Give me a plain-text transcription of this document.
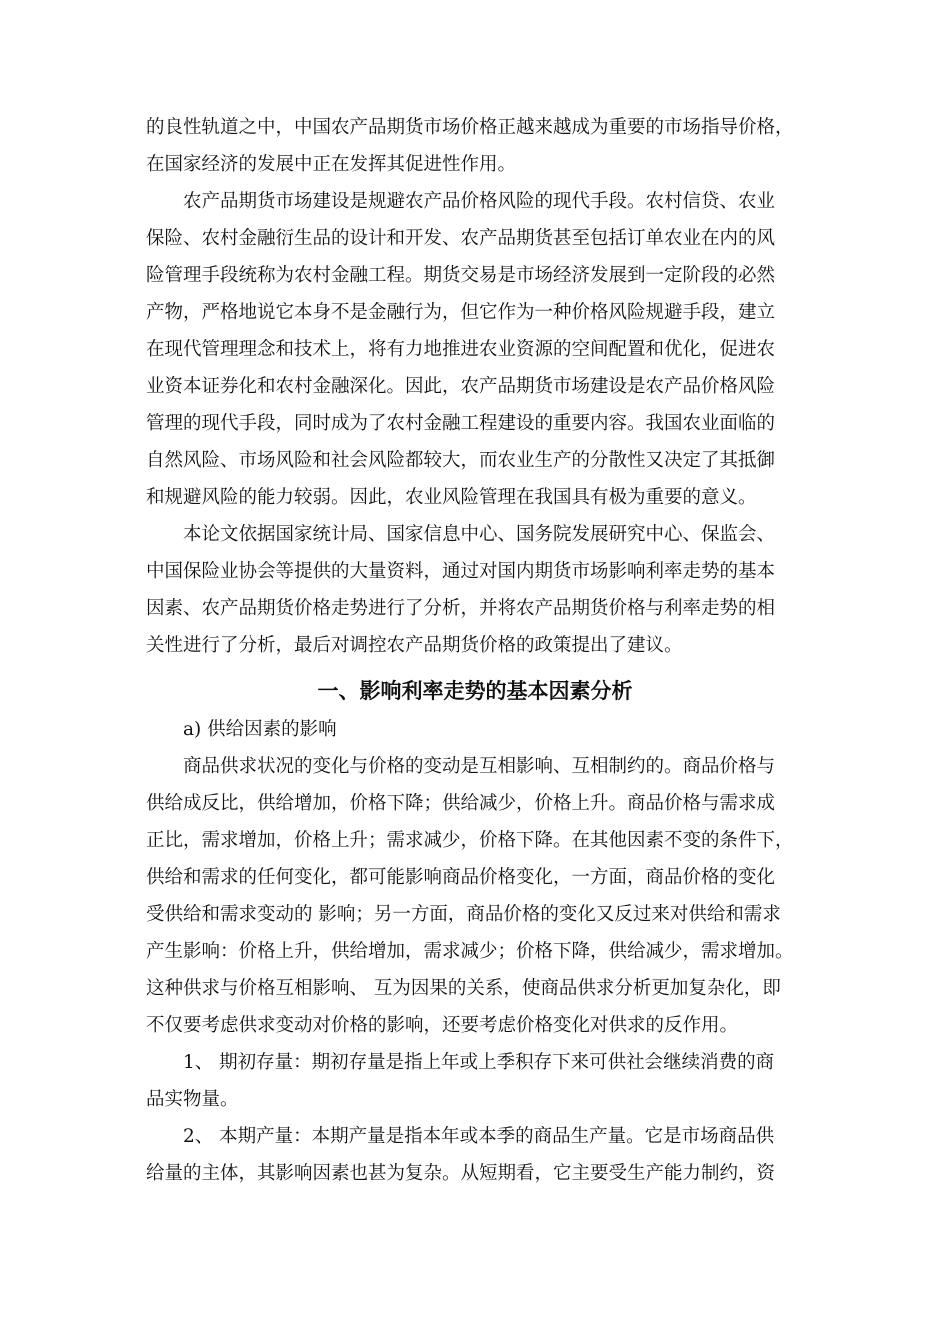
的良性轨道之中，中国农产品期货市场价格正越来越成为重要的市场指导价格，
在国家经济的发展中正在发挥其促进性作用。
农产品期货市场建设是规避农产品价格风险的现代手段。农村信贷、农业
保险、农村金融衍生品的设计和开发、农产品期货甚至包括订单农业在内的风
险管理手段统称为农村金融工程。期货交易是市场经济发展到一定阶段的必然
产物，严格地说它本身不是金融行为，但它作为一种价格风险规避手段，建立
在现代管理理念和技术上，将有力地推进农业资源的空间配置和优化，促进农
业资本证券化和农村金融深化。因此，农产品期货市场建设是农产品价格风险
管理的现代手段，同时成为了农村金融工程建设的重要内容。我国农业面临的
自然风险、市场风险和社会风险都较大，而农业生产的分散性又决定了其抵御
和规避风险的能力较弱。因此，农业风险管理在我国具有极为重要的意义。
本论文依据国家统计局、国家信息中心、国务院发展研究中心、保监会、
中国保险业协会等提供的大量资料，通过对国内期货市场影响利率走势的基本
因素、农产品期货价格走势进行了分析，并将农产品期货价格与利率走势的相
关性进行了分析，最后对调控农产品期货价格的政策提出了建议。
一、影响利率走势的基本因素分析
a) 供给因素的影响
商品供求状况的变化与价格的变动是互相影响、互相制约的。商品价格与
供给成反比，供给增加，价格下降；供给减少，价格上升。商品价格与需求成
正比，需求增加，价格上升；需求减少，价格下降。在其他因素不变的条件下，
供给和需求的任何变化，都可能影响商品价格变化，一方面，商品价格的变化
受供给和需求变动的 影响；另一方面，商品价格的变化又反过来对供给和需求
产生影响：价格上升，供给增加，需求减少；价格下降，供给减少，需求增加。
这种供求与价格互相影响、 互为因果的关系，使商品供求分析更加复杂化，即
不仅要考虑供求变动对价格的影响，还要考虑价格变化对供求的反作用。
1、 期初存量：期初存量是指上年或上季积存下来可供社会继续消费的商
品实物量。
2、 本期产量：本期产量是指本年或本季的商品生产量。它是市场商品供
给量的主体，其影响因素也甚为复杂。从短期看，它主要受生产能力制约，资
